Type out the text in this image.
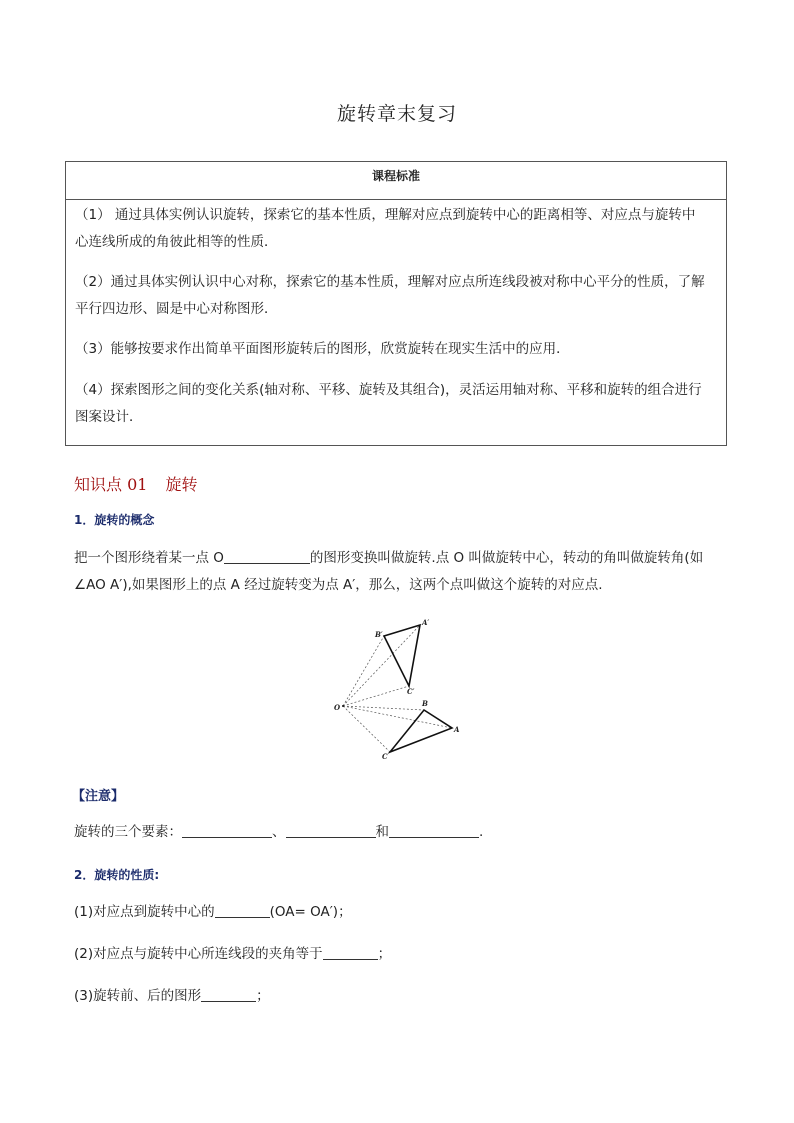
旋转章末复习
课程标准
（1） 通过具体实例认识旋转，探索它的基本性质，理解对应点到旋转中心的距离相等、对应点与旋转中
心连线所成的角彼此相等的性质．
（2）通过具体实例认识中心对称，探索它的基本性质，理解对应点所连线段被对称中心平分的性质，了解
平行四边形、圆是中心对称图形．
（3）能够按要求作出简单平面图形旋转后的图形，欣赏旋转在现实生活中的应用．
（4）探索图形之间的变化关系(轴对称、平移、旋转及其组合)，灵活运用轴对称、平移和旋转的组合进行
图案设计．
知识点 01 旋转
1．旋转的概念
把一个图形绕着某一点 O	的图形变换叫做旋转.点 O 叫做旋转中心，转动的角叫做旋转角(如
∠AO A′),如果图形上的点 A 经过旋转变为点 A′，那么，这两个点叫做这个旋转的对应点.
O
A
B
C
A′
B′
C′
【注意】
旋转的三个要素：	、	和	.
2．旋转的性质:
(1)对应点到旋转中心的	(OA= OA′)；
(2)对应点与旋转中心所连线段的夹角等于	；
(3)旋转前、后的图形	；
